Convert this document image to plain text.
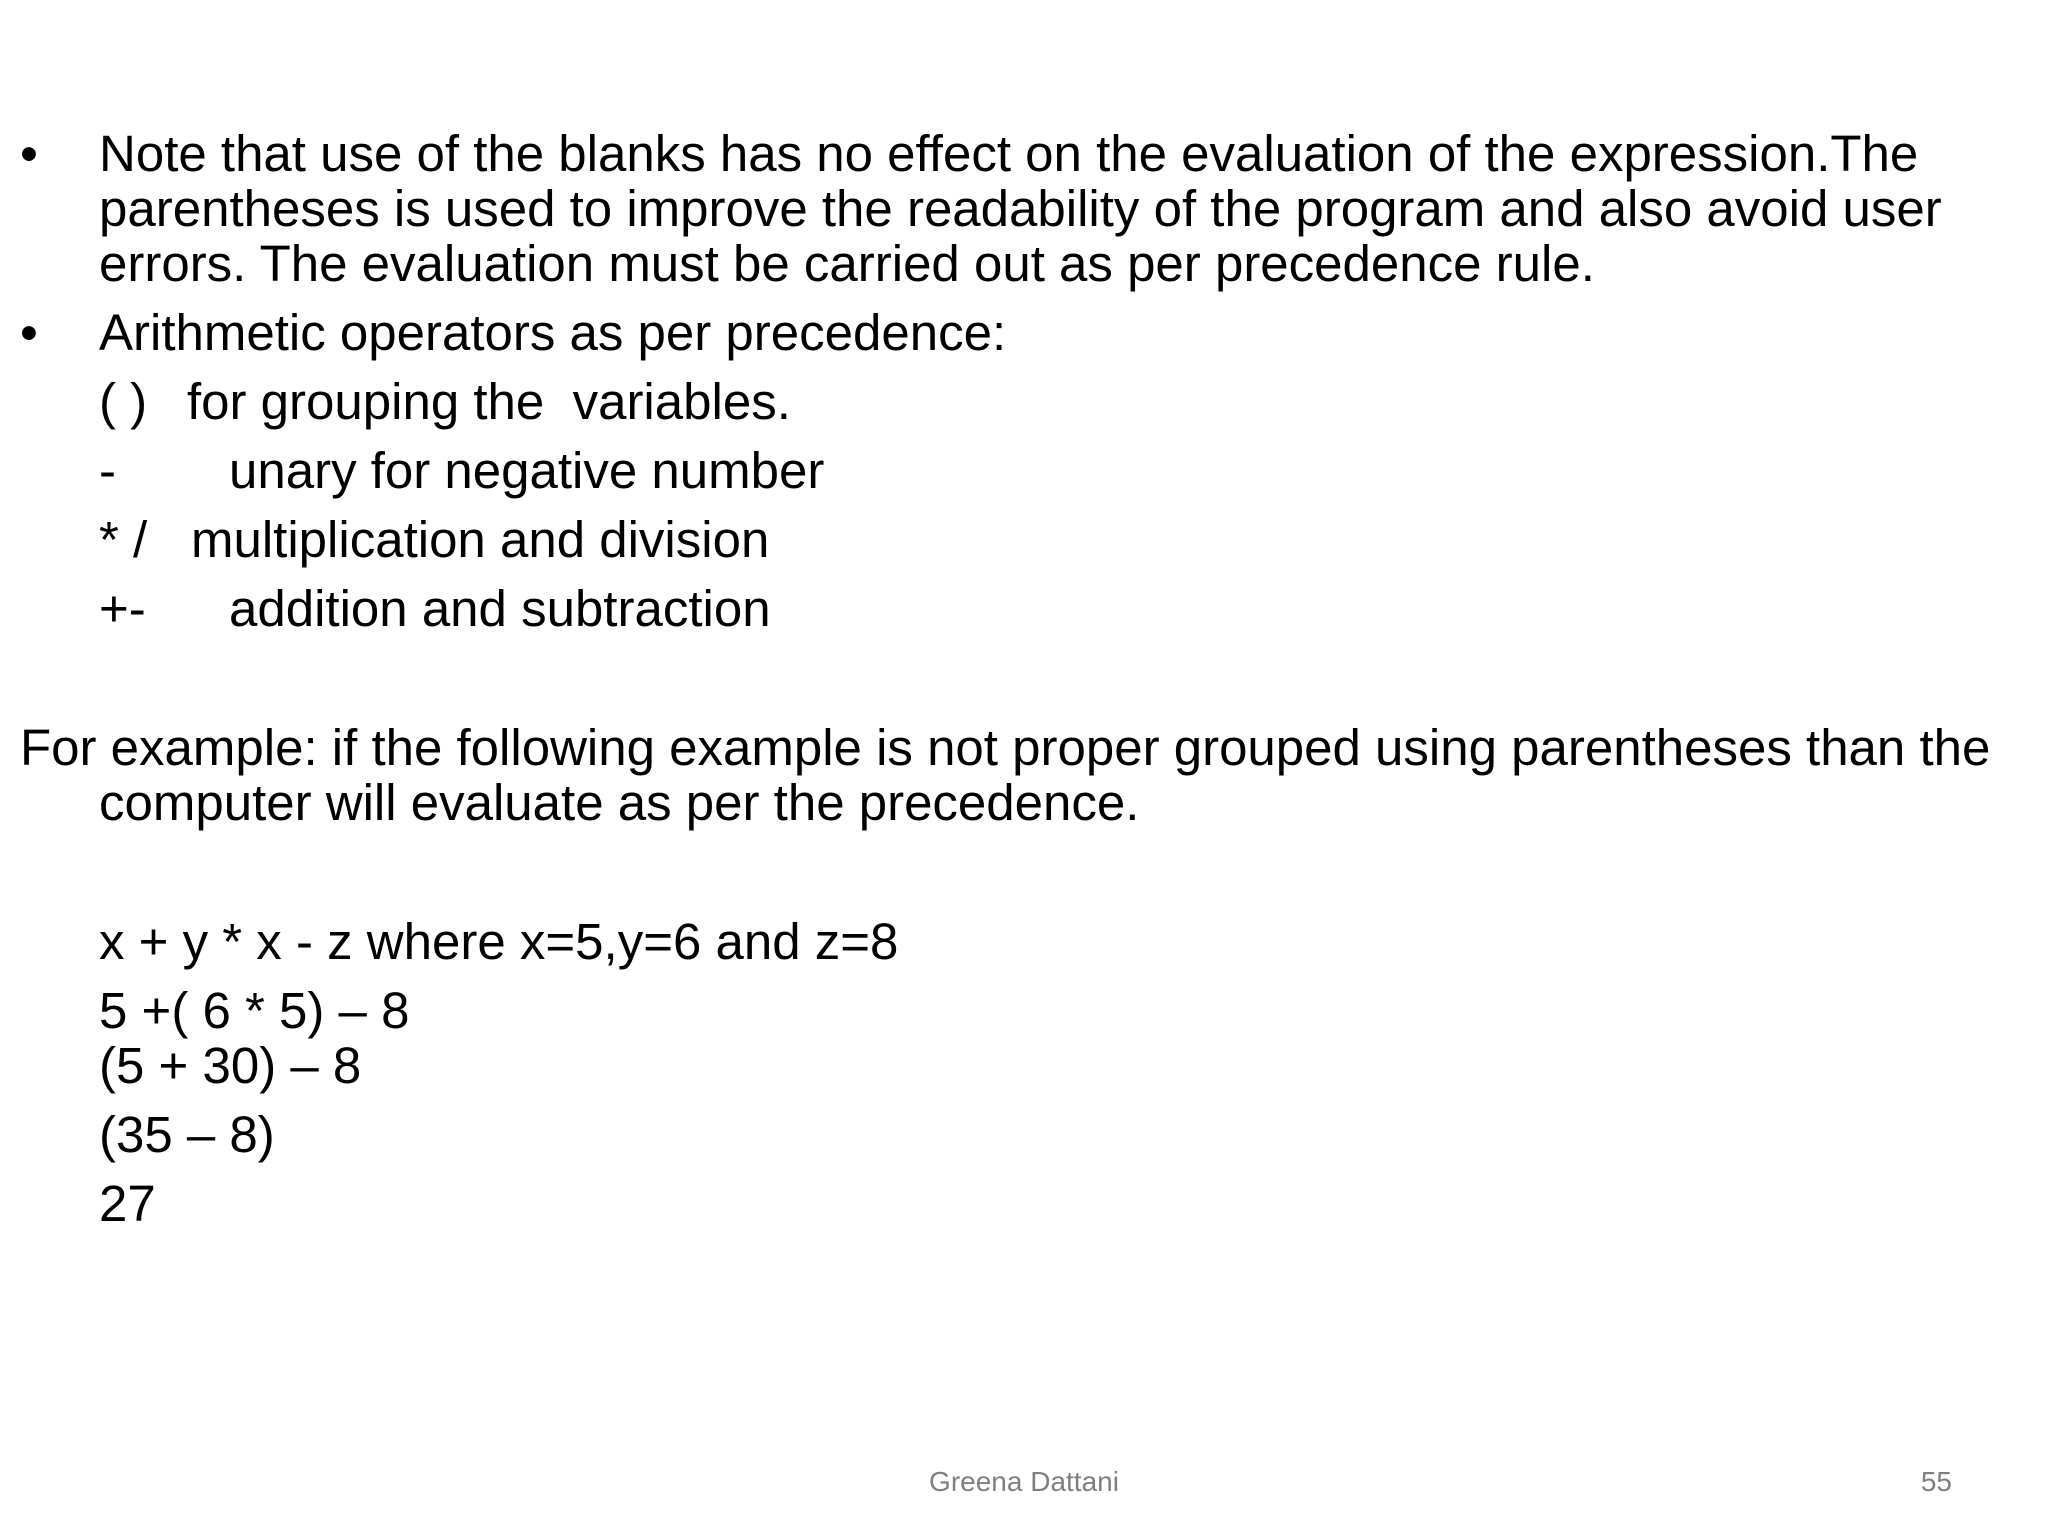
•	Note that use of the blanks has no effect on the evaluation of the expression.The parentheses is used to improve the readability of the program and also avoid user errors. The evaluation must be carried out as per precedence rule.
•	Arithmetic operators as per precedence:
( ) for grouping the  variables.
-	unary for negative number
* / multiplication and division
+-	addition and subtraction

For example: if the following example is not proper grouped using parentheses than the computer will evaluate as per the precedence.

x + y * x - z where x=5,y=6 and z=8

5 +( 6 * 5) – 8

(5 + 30) – 8

(35 – 8)

27

Greena Dattani	55
